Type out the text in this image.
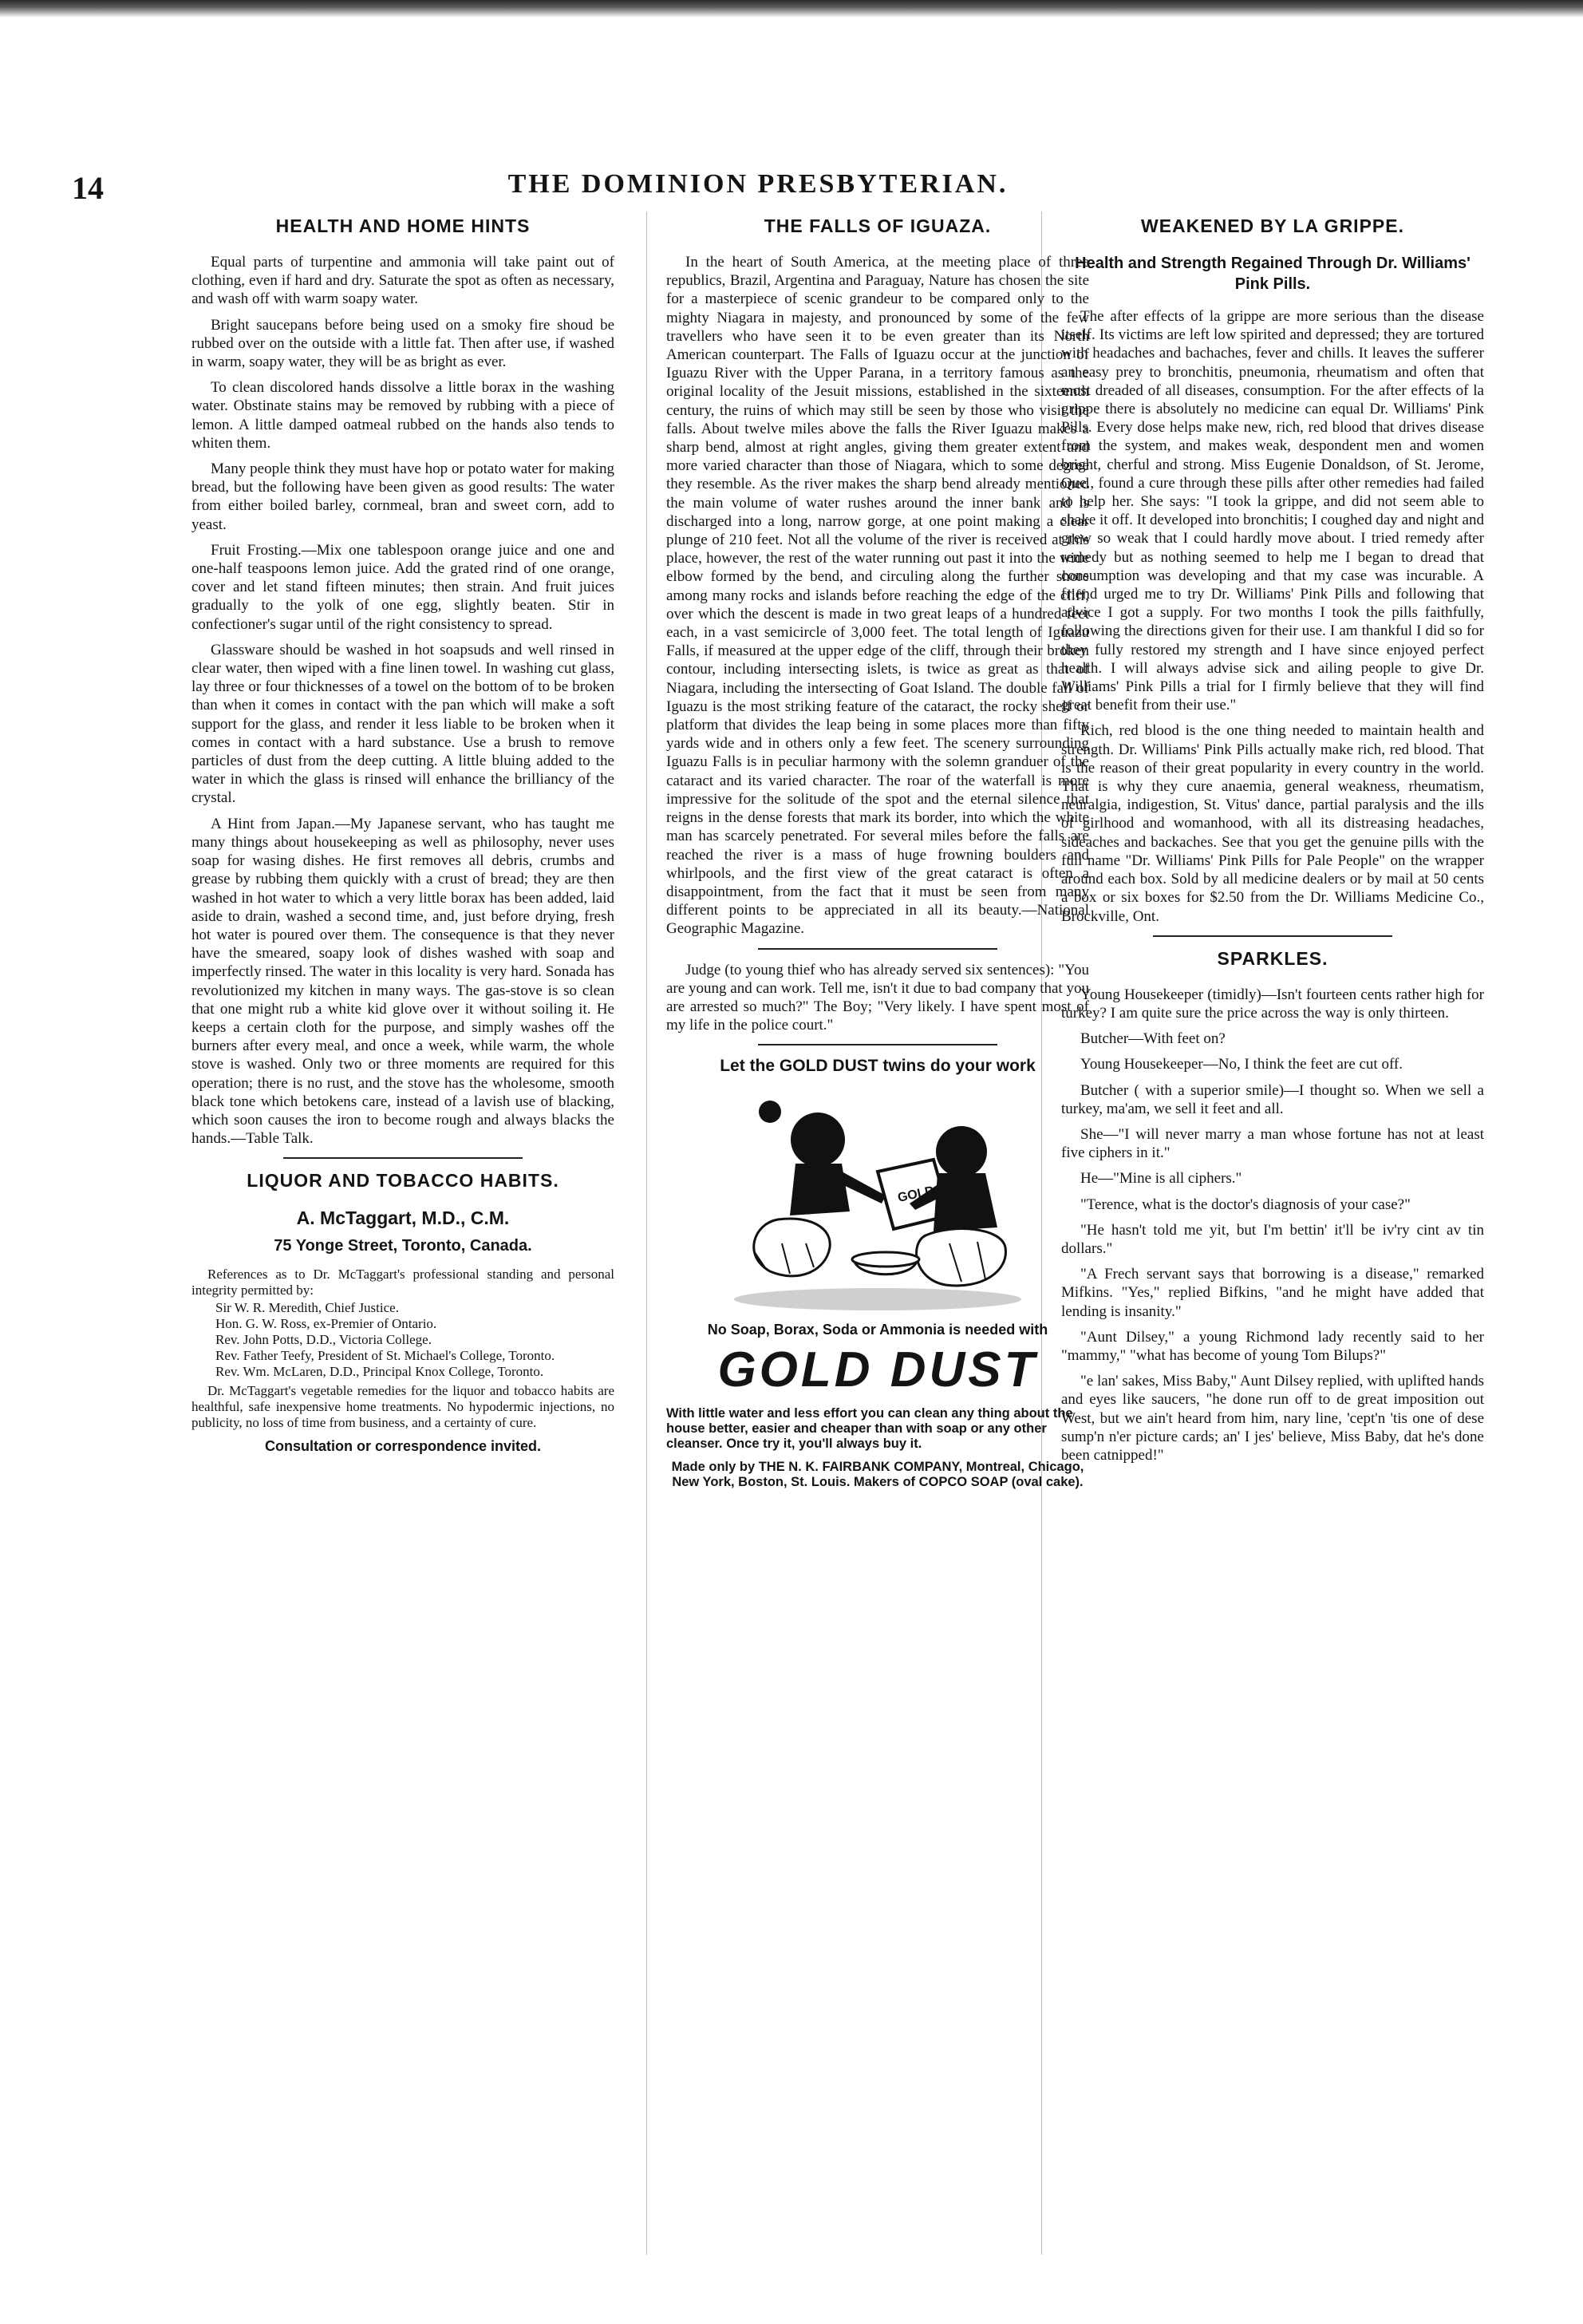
14	THE DOMINION PRESBYTERIAN.
HEALTH AND HOME HINTS

Equal parts of turpentine and ammonia will take paint out of clothing, even if hard and dry. Saturate the spot as often as necessary, and wash off with warm soapy water.

Bright saucepans before being used on a smoky fire shoud be rubbed over on the outside with a little fat. Then after use, if washed in warm, soapy water, they will be as bright as ever.

To clean discolored hands dissolve a little borax in the washing water. Obstinate stains may be removed by rubbing with a piece of lemon. A little damped oatmeal rubbed on the hands also tends to whiten them.

Many people think they must have hop or potato water for making bread, but the following have been given as good results: The water from either boiled barley, cornmeal, bran and sweet corn, add to yeast.

Fruit Frosting.—Mix one tablespoon orange juice and one and one-half teaspoons lemon juice. Add the grated rind of one orange, cover and let stand fifteen minutes; then strain. And fruit juices gradually to the yolk of one egg, slightly beaten. Stir in confectioner's sugar until of the right consistency to spread.

Glassware should be washed in hot soapsuds and well rinsed in clear water, then wiped with a fine linen towel. In washing cut glass, lay three or four thicknesses of a towel on the bottom of to be broken than when it comes in contact with the pan which will make a soft support for the glass, and render it less liable to be broken when it comes in contact with a hard substance. Use a brush to remove particles of dust from the deep cutting. A little bluing added to the water in which the glass is rinsed will enhance the brilliancy of the crystal.

A Hint from Japan.—My Japanese servant, who has taught me many things about housekeeping as well as philosophy, never uses soap for wasing dishes. He first removes all debris, crumbs and grease by rubbing them quickly with a crust of bread; they are then washed in hot water to which a very little borax has been added, laid aside to drain, washed a second time, and, just before drying, fresh hot water is poured over them. The consequence is that they never have the smeared, soapy look of dishes washed with soap and imperfectly rinsed. The water in this locality is very hard. Sonada has revolutionized my kitchen in many ways. The gas-stove is so clean that one might rub a white kid glove over it without soiling it. He keeps a certain cloth for the purpose, and simply washes off the burners after every meal, and once a week, while warm, the whole stove is washed. Only two or three moments are required for this operation; there is no rust, and the stove has the wholesome, smooth black tone which betokens care, instead of a lavish use of blacking, which soon causes the iron to become rough and always blacks the hands.—Table Talk.

LIQUOR AND TOBACCO HABITS.
A. McTaggart, M.D., C.M.
75 Yonge Street, Toronto, Canada.

References as to Dr. McTaggart's professional standing and personal integrity permitted by:

Sir W. R. Meredith, Chief Justice.
Hon. G. W. Ross, ex-Premier of Ontario.
Rev. John Potts, D.D., Victoria College.
Rev. Father Teefy, President of St. Michael's College, Toronto.
Rev. Wm. McLaren, D.D., Principal Knox College, Toronto.

Dr. McTaggart's vegetable remedies for the liquor and tobacco habits are healthful, safe inexpensive home treatments. No hypodermic injections, no publicity, no loss of time from business, and a certainty of cure.

Consultation or correspondence invited.
THE FALLS OF IGUAZA.

In the heart of South America, at the meeting place of three republics, Brazil, Argentina and Paraguay, Nature has chosen the site for a masterpiece of scenic grandeur to be compared only to the mighty Niagara in majesty, and pronounced by some of the few travellers who have seen it to be even greater than its North American counterpart. The Falls of Iguazu occur at the junction of Iguazu River with the Upper Parana, in a territory famous as the original locality of the Jesuit missions, established in the sixteenth century, the ruins of which may still be seen by those who visit the falls. About twelve miles above the falls the River Iguazu makes a sharp bend, almost at right angles, giving them greater extent and more varied character than those of Niagara, which to some degree they resemble. As the river makes the sharp bend already mentioned the main volume of water rushes around the inner bank and is discharged into a long, narrow gorge, at one point making a clear plunge of 210 feet. Not all the volume of the river is received at this place, however, the rest of the water running out past it into the wide elbow formed by the bend, and circuling along the further shore among many rocks and islands before reaching the edge of the cliff, over which the descent is made in two great leaps of a hundred feet each, in a vast semicircle of 3,000 feet. The total length of Iguazu Falls, if measured at the upper edge of the cliff, through their broken contour, including intersecting islets, is twice as great as that of Niagara, including the intersecting of Goat Island. The double fall of Iguazu is the most striking feature of the cataract, the rocky shelf or platform that divides the leap being in some places more than fifty yards wide and in others only a few feet. The scenery surrounding Iguazu Falls is in peculiar harmony with the solemn granduer of the cataract and its varied character. The roar of the waterfall is more impressive for the solitude of the spot and the eternal silence that reigns in the dense forests that mark its border, into which the white man has scarcely penetrated. For several miles before the falls are reached the river is a mass of huge frowning boulders and whirlpools, and the first view of the great cataract is often a disappointment, from the fact that it must be seen from many different points to be appreciated in all its beauty.—National Geographic Magazine.

Judge (to young thief who has already served six sentences): "You are young and can work. Tell me, isn't it due to bad company that you are arrested so much?" The Boy; "Very likely. I have spent most of my life in the police court."

Let the GOLD DUST twins do your work
GOLD
No Soap, Borax, Soda or Ammonia is needed with
GOLD DUST
With little water and less effort you can clean any thing about the house better, easier and cheaper than with soap or any other cleanser. Once try it, you'll always buy it.
Made only by THE N. K. FAIRBANK COMPANY, Montreal, Chicago, New York, Boston, St. Louis. Makers of COPCO SOAP (oval cake).
WEAKENED BY LA GRIPPE.
Health and Strength Regained Through Dr. Williams' Pink Pills.

The after effects of la grippe are more serious than the disease itself. Its victims are left low spirited and depressed; they are tortured with headaches and bachaches, fever and chills. It leaves the sufferer an easy prey to bronchitis, pneumonia, rheumatism and often that most dreaded of all diseases, consumption. For the after effects of la grippe there is absolutely no medicine can equal Dr. Williams' Pink Pills. Every dose helps make new, rich, red blood that drives disease from the system, and makes weak, despondent men and women bright, cherful and strong. Miss Eugenie Donaldson, of St. Jerome, Que., found a cure through these pills after other remedies had failed to help her. She says: "I took la grippe, and did not seem able to shake it off. It developed into bronchitis; I coughed day and night and grew so weak that I could hardly move about. I tried remedy after remedy but as nothing seemed to help me I began to dread that consumption was developing and that my case was incurable. A friend urged me to try Dr. Williams' Pink Pills and following that advice I got a supply. For two months I took the pills faithfully, following the directions given for their use. I am thankful I did so for they fully restored my strength and I have since enjoyed perfect health. I will always advise sick and ailing people to give Dr. Williams' Pink Pills a trial for I firmly believe that they will find great benefit from their use."

Rich, red blood is the one thing needed to maintain health and strength. Dr. Williams' Pink Pills actually make rich, red blood. That is the reason of their great popularity in every country in the world. That is why they cure anaemia, general weakness, rheumatism, neuralgia, indigestion, St. Vitus' dance, partial paralysis and the ills of girlhood and womanhood, with all its distreasing headaches, sideaches and backaches. See that you get the genuine pills with the full name "Dr. Williams' Pink Pills for Pale People" on the wrapper around each box. Sold by all medicine dealers or by mail at 50 cents a box or six boxes for $2.50 from the Dr. Williams Medicine Co., Brockville, Ont.

SPARKLES.

Young Housekeeper (timidly)—Isn't fourteen cents rather high for turkey? I am quite sure the price across the way is only thirteen.

Butcher—With feet on?

Young Housekeeper—No, I think the feet are cut off.

Butcher ( with a superior smile)—I thought so. When we sell a turkey, ma'am, we sell it feet and all.

She—"I will never marry a man whose fortune has not at least five ciphers in it."

He—"Mine is all ciphers."

"Terence, what is the doctor's diagnosis of your case?"

"He hasn't told me yit, but I'm bettin' it'll be iv'ry cint av tin dollars."

"A Frech servant says that borrowing is a disease," remarked Mifkins. "Yes," replied Bifkins, "and he might have added that lending is insanity."

"Aunt Dilsey," a young Richmond lady recently said to her "mammy," "what has become of young Tom Bilups?"

"e lan' sakes, Miss Baby," Aunt Dilsey replied, with uplifted hands and eyes like saucers, "he done run off to de great imposition out West, but we ain't heard from him, nary line, 'cept'n 'tis one of dese sump'n n'er picture cards; an' I jes' believe, Miss Baby, dat he's done been catnipped!"
